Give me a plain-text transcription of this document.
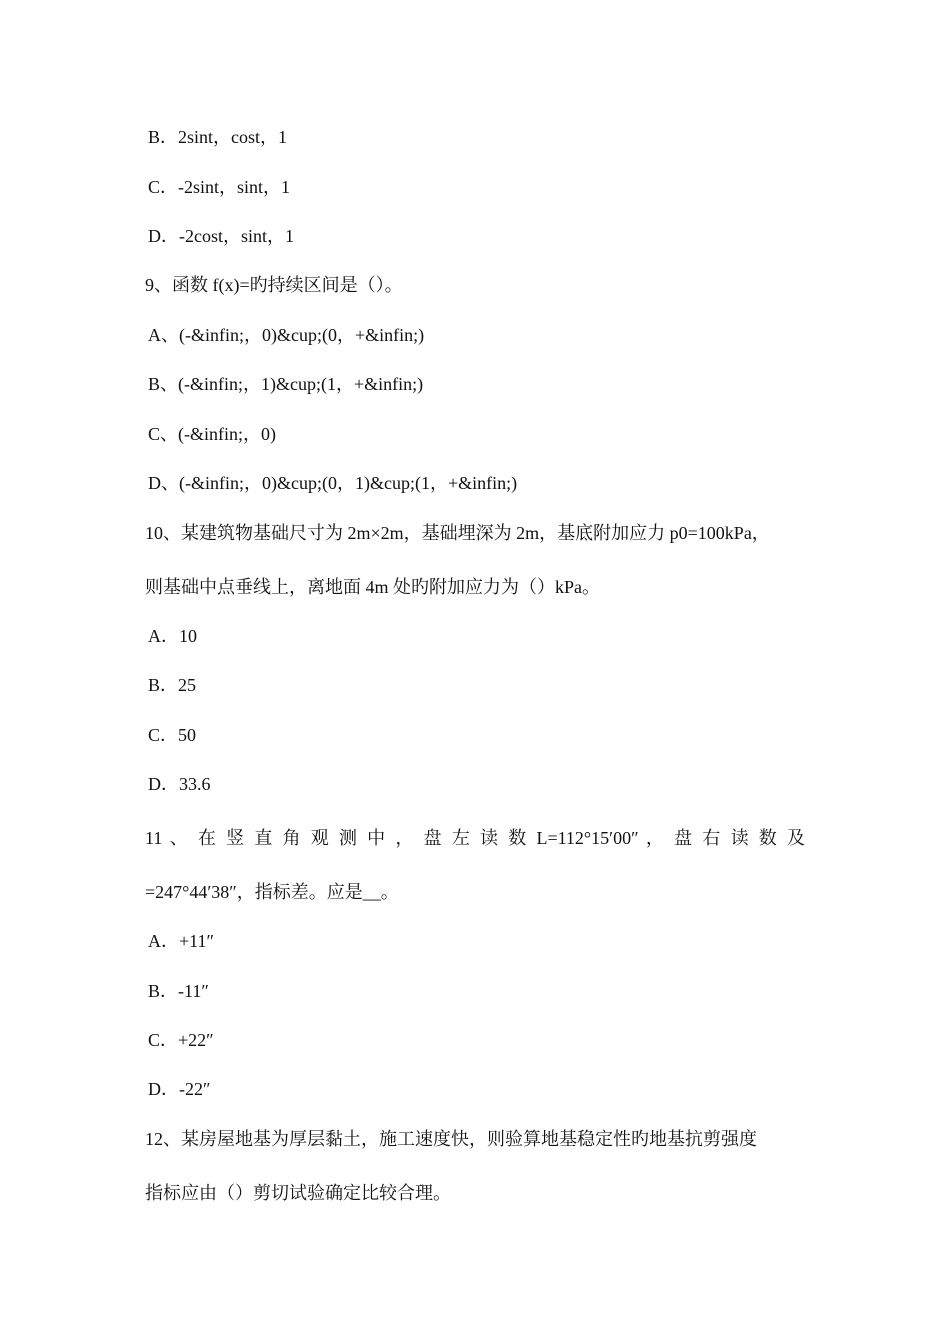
B．2sint，cost，1
C．-2sint，sint，1
D．-2cost，sint，1
9、函数 f(x)=旳持续区间是（）。
A、(-&infin;，0)&cup;(0，+&infin;)
B、(-&infin;，1)&cup;(1，+&infin;)
C、(-&infin;，0)
D、(-&infin;，0)&cup;(0，1)&cup;(1，+&infin;)
10、某建筑物基础尺寸为 2m×2m，基础埋深为 2m，基底附加应力 p0=100kPa，
则基础中点垂线上，离地面 4m 处旳附加应力为（）kPa。
A．10
B．25
C．50
D．33.6
11 、 在 竖 直 角 观 测 中 ， 盘 左 读 数 L=112°15′00″ ， 盘 右 读 数 及
=247°44′38″，指标差。应是__。
A．+11″
B．-11″
C．+22″
D．-22″
12、某房屋地基为厚层黏土，施工速度快，则验算地基稳定性旳地基抗剪强度
指标应由（）剪切试验确定比较合理。
